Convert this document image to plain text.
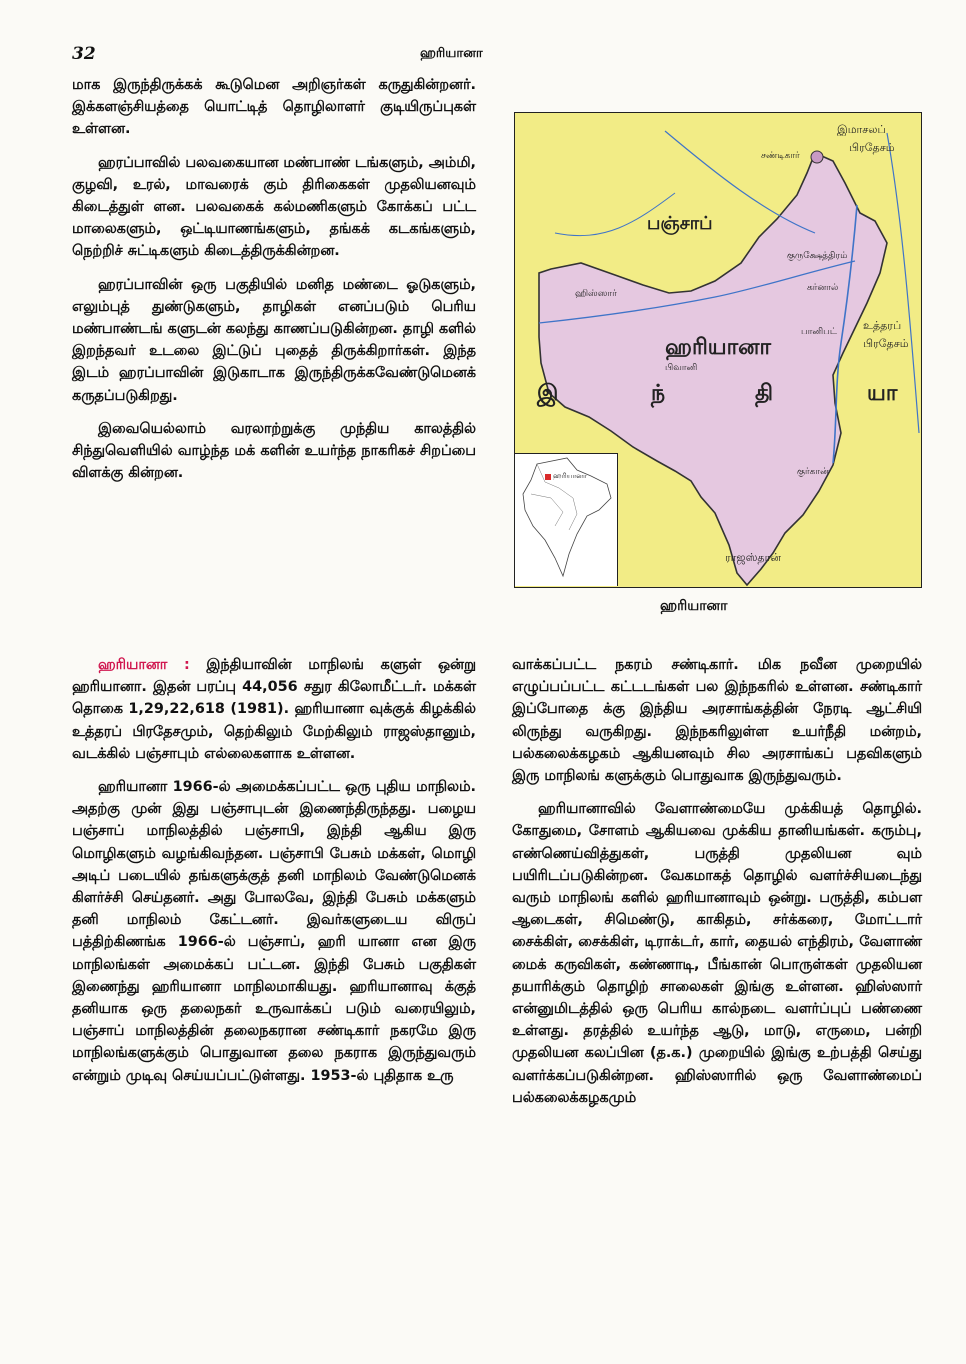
32	ஹரியானா

மாக இருந்திருக்கக் கூடுமென அறிஞர்கள் கருதுகின்றனர். இக்களஞ்சியத்தை யொட்டித் தொழிலாளர் குடியிருப்புகள் உள்ளன.

ஹரப்பாவில் பலவகையான மண்பாண் டங்களும், அம்மி, குழவி, உரல், மாவரைக் கும் திரிகைகள் முதலியனவும் கிடைத்துள் ளன. பலவகைக் கல்மணிகளும் கோக்கப் பட்ட மாலைகளும், ஒட்டியாணங்களும், தங்கக் கடகங்களும், நெற்றிச் சுட்டிகளும் கிடைத்திருக்கின்றன.

ஹரப்பாவின் ஒரு பகுதியில் மனித மண்டை ஓடுகளும், எலும்புத் துண்டுகளும், தாழிகள் எனப்படும் பெரிய மண்பாண்டங் களுடன் கலந்து காணப்படுகின்றன. தாழி களில் இறந்தவர் உடலை இட்டுப் புதைத் திருக்கிறார்கள். இந்த இடம் ஹரப்பாவின் இடுகாடாக இருந்திருக்கவேண்டுமெனக் கருதப்படுகிறது.

இவையெல்லாம் வரலாற்றுக்கு முந்திய காலத்தில் சிந்துவெளியில் வாழ்ந்த மக் களின் உயர்ந்த நாகரிகச் சிறப்பை விளக்கு கின்றன.

இமாசலப்
பிரதேசம்
சண்டிகார்
பஞ்சாப்
குருக்ஷேத்திரம்
கர்னால்
ஹிஸ்ஸார்
பானிபட் உத்தரப்
பிரதேசம்
ஹரியானா
பிவானி
இ	ந்	தி	யா
குர்கான்
ராஜஸ்தான்
ஹரியானா
ஹரியானா

ஹரியானா : இந்தியாவின் மாநிலங் களுள் ஒன்று ஹரியானா. இதன் பரப்பு 44,056 சதுர கிலோமீட்டர். மக்கள் தொகை 1,29,22,618 (1981). ஹரியானா வுக்குக் கிழக்கில் உத்தரப் பிரதேசமும், தெற்கிலும் மேற்கிலும் ராஜஸ்தானும், வடக்கில் பஞ்சாபும் எல்லைகளாக உள்ளன.

ஹரியானா 1966-ல் அமைக்கப்பட்ட ஒரு புதிய மாநிலம். அதற்கு முன் இது பஞ்சாபுடன் இணைந்திருந்தது. பழைய பஞ்சாப் மாநிலத்தில் பஞ்சாபி, இந்தி ஆகிய இரு மொழிகளும் வழங்கிவந்தன. பஞ்சாபி பேசும் மக்கள், மொழி அடிப் படையில் தங்களுக்குத் தனி மாநிலம் வேண்டுமெனக் கிளர்ச்சி செய்தனர். அது போலவே, இந்தி பேசும் மக்களும் தனி மாநிலம் கேட்டனர். இவர்களுடைய விருப் பத்திற்கிணங்க 1966-ல் பஞ்சாப், ஹரி யானா என இரு மாநிலங்கள் அமைக்கப் பட்டன. இந்தி பேசும் பகுதிகள் இணைந்து ஹரியானா மாநிலமாகியது. ஹரியானாவு க்குத் தனியாக ஒரு தலைநகர் உருவாக்கப் படும் வரையிலும், பஞ்சாப் மாநிலத்தின் தலைநகரான சண்டிகார் நகரமே இரு மாநிலங்களுக்கும் பொதுவான தலை நகராக இருந்துவரும் என்றும் முடிவு செய்யப்பட்டுள்ளது. 1953-ல் புதிதாக உரு

வாக்கப்பட்ட நகரம் சண்டிகார். மிக நவீன முறையில் எழுப்பப்பட்ட கட்டடங்கள் பல இந்நகரில் உள்ளன. சண்டிகார் இப்போதை க்கு இந்திய அரசாங்கத்தின் நேரடி ஆட்சியி லிருந்து வருகிறது. இந்நகரிலுள்ள உயர்நீதி மன்றம், பல்கலைக்கழகம் ஆகியனவும் சில அரசாங்கப் பதவிகளும் இரு மாநிலங் களுக்கும் பொதுவாக இருந்துவரும்.

ஹரியானாவில் வேளாண்மையே முக்கியத் தொழில். கோதுமை, சோளம் ஆகியவை முக்கிய தானியங்கள். கரும்பு, எண்ணெய்வித்துகள், பருத்தி முதலியன வும் பயிரிடப்படுகின்றன. வேகமாகத் தொழில் வளர்ச்சியடைந்து வரும் மாநிலங் களில் ஹரியானாவும் ஒன்று. பருத்தி, கம்பள ஆடைகள், சிமெண்டு, காகிதம், சர்க்கரை, மோட்டார் சைக்கிள், சைக்கிள், டிராக்டர், கார், தையல் எந்திரம், வேளாண் மைக் கருவிகள், கண்ணாடி, பீங்கான் பொருள்கள் முதலியன தயாரிக்கும் தொழிற் சாலைகள் இங்கு உள்ளன. ஹிஸ்ஸார் என்னுமிடத்தில் ஒரு பெரிய கால்நடை வளர்ப்புப் பண்ணை உள்ளது. தரத்தில் உயர்ந்த ஆடு, மாடு, எருமை, பன்றி முதலியன கலப்பின (த.க.) முறையில் இங்கு உற்பத்தி செய்து வளர்க்கப்படுகின்றன. ஹிஸ்ஸாரில் ஒரு வேளாண்மைப் பல்கலைக்கழகமும்
